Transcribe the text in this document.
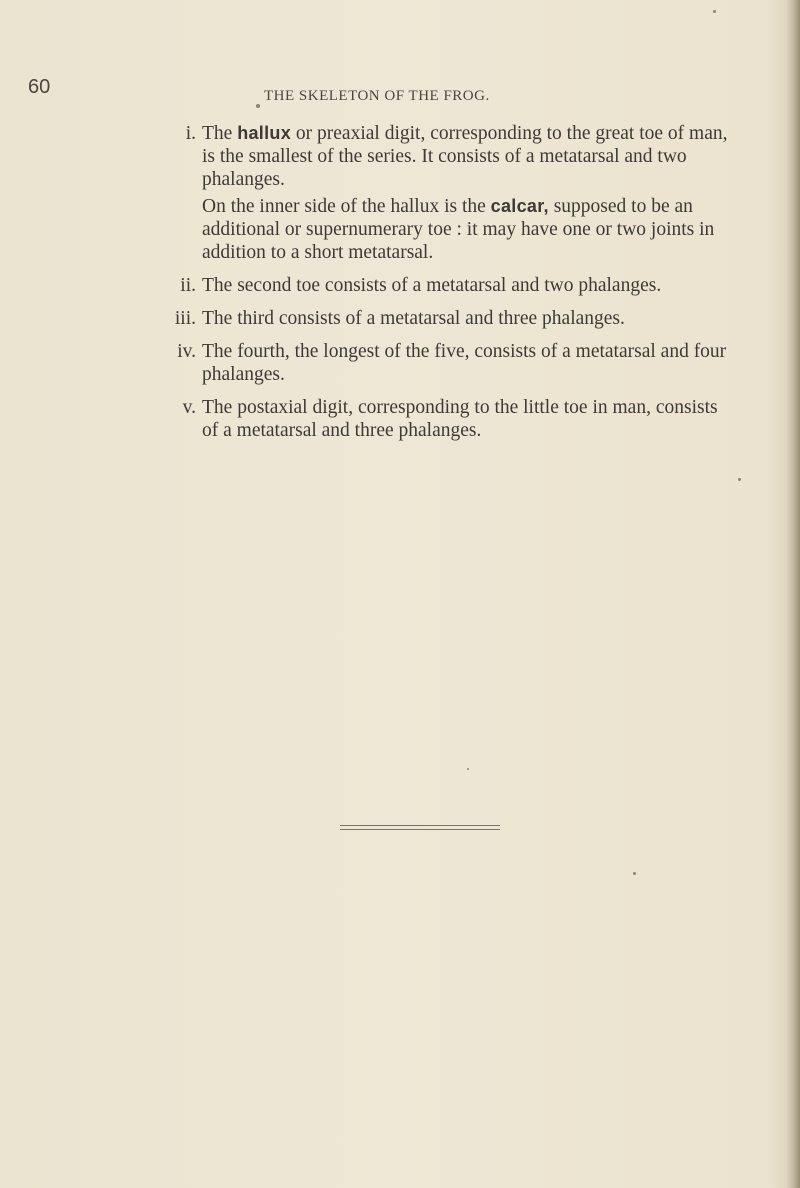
60	THE SKELETON OF THE FROG.
i. The hallux or preaxial digit, corresponding to the great toe of man, is the smallest of the series. It consists of a metatarsal and two phalanges.

On the inner side of the hallux is the calcar, supposed to be an additional or supernumerary toe : it may have one or two joints in addition to a short metatarsal.

ii. The second toe consists of a metatarsal and two phalanges.

iii. The third consists of a metatarsal and three phalanges.

iv. The fourth, the longest of the five, consists of a metatarsal and four phalanges.

v. The postaxial digit, corresponding to the little toe in man, consists of a metatarsal and three phalanges.
